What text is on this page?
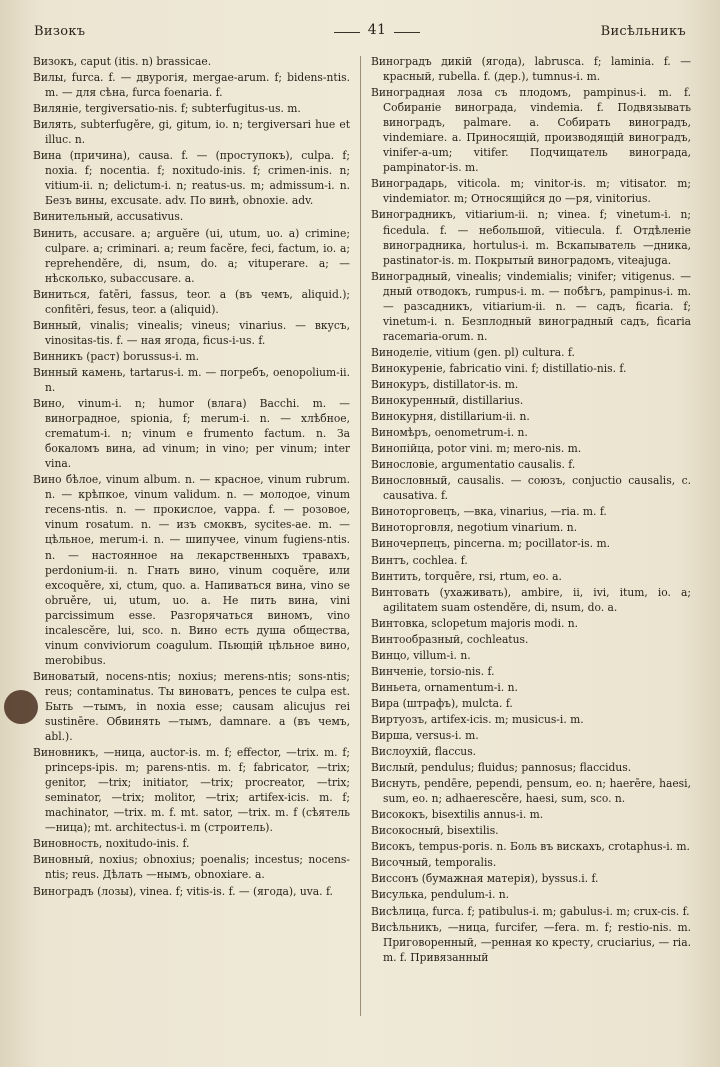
Визокъ	41	Висѣльникъ
Визокъ, caput (itis. n) brassicae.
Вилы, furca. f. — двурогія, mergae-arum. f; bidens-ntis. m. — для сѣна, furca foenaria. f.
Виляніе, tergiversatio-nis. f; subterfugitus-us. m.
Вилять, subterfugĕre, gi, gitum, io. n; tergiversari hue et illuc. n.
Вина (причина), causa. f. — (проступокъ), culpa. f; noxia. f; nocentia. f; noxitudo-inis. f; crimen-inis. n; vitium-ii. n; delictum-i. n; reatus-us. m; admissum-i. n. Безъ вины, excusate. adv. По винѣ, obnoxie. adv.
Винительный, accusativus.
Винить, accusare. a; arguĕre (ui, utum, uo. a) crimine; culpare. a; criminari. a; reum facĕre, feci, factum, io. a; reprehendĕre, di, nsum, do. a; vituperare. a; — нѣсколько, subaccusare. a.
Виниться, fatēri, fassus, teor. a (въ чемъ, aliquid.); confitēri, fesus, teor. a (aliquid).
Винный, vinalis; vinealis; vineus; vinarius. — вкусъ, vinositas-tis. f. — ная ягода, ficus-i-us. f.
Винникъ (раст) borussus-i. m.
Винный камень, tartarus-i. m. — погребъ, oenopolium-ii. n.
Вино, vinum-i. n; humor (влага) Bacchi. m. — виноградное, spionia, f; merum-i. n. — хлѣбное, crematum-i. n; vinum e frumento factum. n. За бокаломъ вина, ad vinum; in vino; per vinum; inter vina.
Вино бѣлое, vinum album. n. — красное, vinum rubrum. n. — крѣпкое, vinum validum. n. — молодое, vinum recens-ntis. n. — прокислое, vappa. f. — розовое, vinum rosatum. n. — изъ смоквъ, sycites-ae. m. — цѣльное, merum-i. n. — шипучее, vinum fugiens-ntis. n. — настоянное на лекарственныхъ травахъ, perdonium-ii. n. Гнать вино, vinum coquĕre, или excoquĕre, xi, ctum, quo. a. Напиваться вина, vino se obruĕre, ui, utum, uo. a. Не пить вина, vini parcissimum esse. Разгорячаться виномъ, vino incalescĕre, lui, sco. n. Вино есть душа общества, vinum conviviorum coagulum. Пьющій цѣльное вино, merobibus.
Виноватый, nocens-ntis; noxius; merens-ntis; sons-ntis; reus; contaminatus. Ты виноватъ, pences te culpa est. Быть —тымъ, in noxia esse; causam alicujus rei sustinēre. Обвинять —тымъ, damnare. a (въ чемъ, abl.).
Виновникъ, —ница, auctor-is. m. f; effector, —trix. m. f; princeps-ipis. m; parens-ntis. m. f; fabricator, —trix; genitor, —trix; initiator, —trix; procreator, —trix; seminator, —trix; molitor, —trix; artifex-icis. m. f; machinator, —trix. m. f. mt. sator, —trix. m. f (сѣятель —ница); mt. architectus-i. m (строитель).
Виновность, noxitudo-inis. f.
Виновный, noxius; obnoxius; poenalis; incestus; nocens-ntis; reus. Дѣлать —нымъ, obnoxiare. a.
Виноградъ (лозы), vinea. f; vitis-is. f. — (ягода), uva. f.
Виноградъ дикій (ягода), labrusca. f; laminia. f. — красный, rubella. f. (дер.), tumnus-i. m.
Виноградная лоза съ плодомъ, pampinus-i. m. f. Собираніе винограда, vindemia. f. Подвязывать виноградъ, palmare. a. Собирать виноградъ, vindemiare. a. Приносящій, производящій виноградъ, vinifer-a-um; vitifer. Подчищатель винограда, pampinator-is. m.
Виноградарь, viticola. m; vinitor-is. m; vitisator. m; vindemiator. m; Относящійся до —ря, vinitorius.
Виноградникъ, vitiarium-ii. n; vinea. f; vinetum-i. n; ficedula. f. — небольшой, vitiecula. f. Отдѣленіе виноградника, hortulus-i. m. Вскапыватель —дника, pastinator-is. m. Покрытый виноградомъ, viteajuga.
Виноградный, vinealis; vindemialis; vinifer; vitigenus. —дный отводокъ, rumpus-i. m. — побѣгъ, pampinus-i. m. — разсадникъ, vitiarium-ii. n. — садъ, ficaria. f; vinetum-i. n. Безплодный виноградный садъ, ficaria racemaria-orum. n.
Виноделіе, vitium (gen. pl) cultura. f.
Винокуреніе, fabricatio vini. f; distillatio-nis. f.
Винокуръ, distillator-is. m.
Винокуренный, distillarius.
Винокурня, distillarium-ii. n.
Виномѣръ, oenometrum-i. n.
Винопійца, potor vini. m; mero-nis. m.
Винословіе, argumentatio causalis. f.
Винословный, causalis. — союзъ, conjuctio causalis, c. causativa. f.
Виноторговецъ, —вка, vinarius, —ria. m. f.
Виноторговля, negotium vinarium. n.
Виночерпецъ, pincerna. m; pocillator-is. m.
Винтъ, cochlea. f.
Винтить, torquēre, rsi, rtum, eo. a.
Винтовать (ухаживать), ambire, ii, ivi, itum, io. a; agilitatem suam ostendĕre, di, nsum, do. a.
Винтовка, sclopetum majoris modi. n.
Винтообразный, cochleatus.
Винцо, villum-i. n.
Винченіе, torsio-nis. f.
Виньета, ornamentum-i. n.
Вира (штрафъ), mulcta. f.
Виртуозъ, artifex-icis. m; musicus-i. m.
Вирша, versus-i. m.
Вислоухій, flaccus.
Вислый, pendulus; fluidus; pannosus; flaccidus.
Виснуть, pendēre, pependi, pensum, eo. n; haerēre, haesi, sum, eo. n; adhaerescĕre, haesi, sum, sco. n.
Висококъ, bisextilis annus-i. m.
Високосный, bisextilis.
Високъ, tempus-poris. n. Боль въ вискахъ, crotaphus-i. m.
Височный, temporalis.
Виссонъ (бумажная матерія), byssus.i. f.
Висулька, pendulum-i. n.
Висѣлица, furca. f; patibulus-i. m; gabulus-i. m; crux-cis. f.
Висѣльникъ, —ница, furcifer, —fera. m. f; restio-nis. m. Приговоренный, —ренная ко кресту, cruciarius, — ria. m. f. Привязанный
